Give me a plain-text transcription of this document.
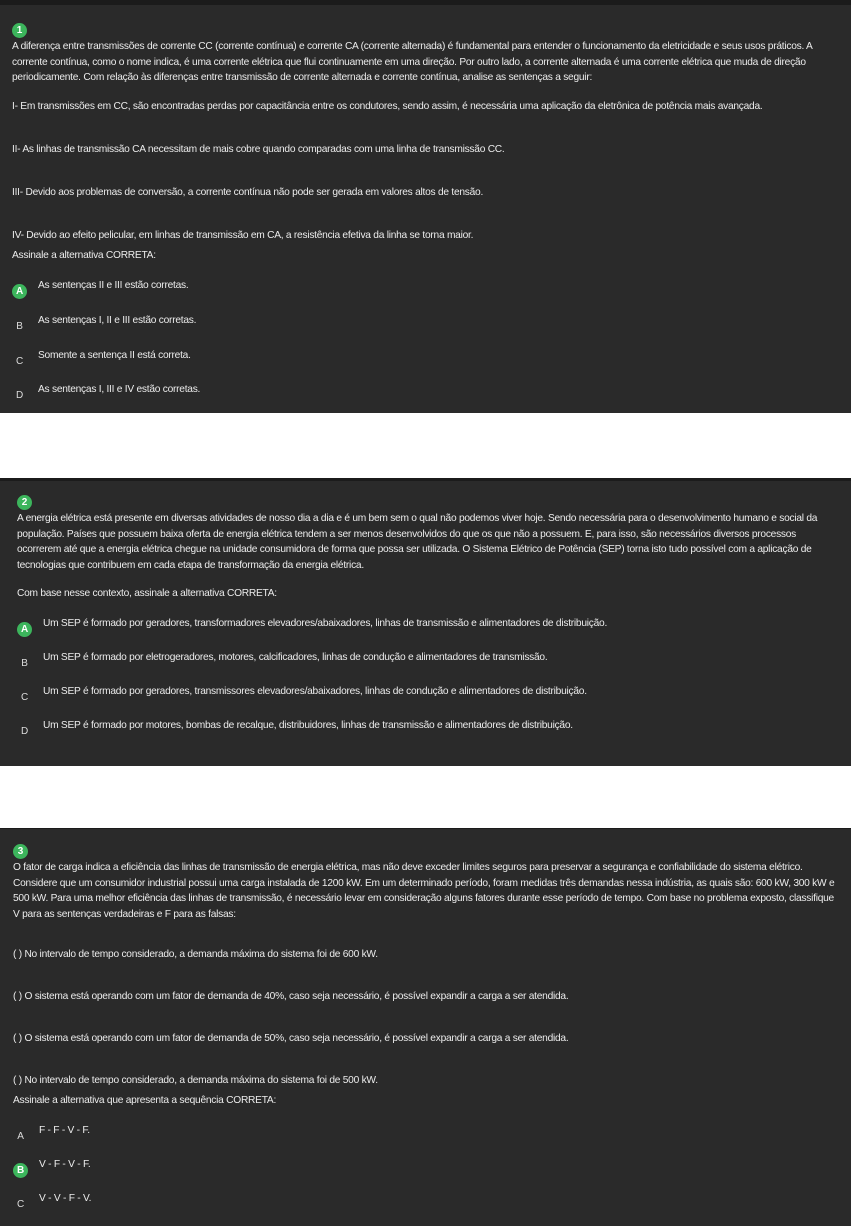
1

A diferença entre transmissões de corrente CC (corrente contínua) e corrente CA (corrente alternada) é fundamental para entender o funcionamento da eletricidade e seus usos práticos. A corrente contínua, como o nome indica, é uma corrente elétrica que flui continuamente em uma direção. Por outro lado, a corrente alternada é uma corrente elétrica que muda de direção periodicamente. Com relação às diferenças entre transmissão de corrente alternada e corrente contínua, analise as sentenças a seguir:

I- Em transmissões em CC, são encontradas perdas por capacitância entre os condutores, sendo assim, é necessária uma aplicação da eletrônica de potência mais avançada.

II- As linhas de transmissão CA necessitam de mais cobre quando comparadas com uma linha de transmissão CC.

III- Devido aos problemas de conversão, a corrente contínua não pode ser gerada em valores altos de tensão.

IV- Devido ao efeito pelicular, em linhas de transmissão em CA, a resistência efetiva da linha se torna maior.

Assinale a alternativa CORRETA:
A
As sentenças II e III estão corretas.
B
As sentenças I, II e III estão corretas.
C
Somente a sentença II está correta.
D
As sentenças I, III e IV estão corretas.
2

A energia elétrica está presente em diversas atividades de nosso dia a dia e é um bem sem o qual não podemos viver hoje. Sendo necessária para o desenvolvimento humano e social da população. Países que possuem baixa oferta de energia elétrica tendem a ser menos desenvolvidos do que os que não a possuem. E, para isso, são necessários diversos processos ocorrerem até que a energia elétrica chegue na unidade consumidora de forma que possa ser utilizada. O Sistema Elétrico de Potência (SEP) torna isto tudo possível com a aplicação de tecnologias que contribuem em cada etapa de transformação da energia elétrica.

Com base nesse contexto, assinale a alternativa CORRETA:
A
Um SEP é formado por geradores, transformadores elevadores/abaixadores, linhas de transmissão e alimentadores de distribuição.
B
Um SEP é formado por eletrogeradores, motores, calcificadores, linhas de condução e alimentadores de transmissão.
C
Um SEP é formado por geradores, transmissores elevadores/abaixadores, linhas de condução e alimentadores de distribuição.
D
Um SEP é formado por motores, bombas de recalque, distribuidores, linhas de transmissão e alimentadores de distribuição.
3

O fator de carga indica a eficiência das linhas de transmissão de energia elétrica, mas não deve exceder limites seguros para preservar a segurança e confiabilidade do sistema elétrico. Considere que um consumidor industrial possui uma carga instalada de 1200 kW. Em um determinado período, foram medidas três demandas nessa indústria, as quais são: 600 kW, 300 kW e 500 kW. Para uma melhor eficiência das linhas de transmissão, é necessário levar em consideração alguns fatores durante esse período de tempo. Com base no problema exposto, classifique V para as sentenças verdadeiras e F para as falsas:

( ) No intervalo de tempo considerado, a demanda máxima do sistema foi de 600 kW.

( ) O sistema está operando com um fator de demanda de 40%, caso seja necessário, é possível expandir a carga a ser atendida.

( ) O sistema está operando com um fator de demanda de 50%, caso seja necessário, é possível expandir a carga a ser atendida.

( ) No intervalo de tempo considerado, a demanda máxima do sistema foi de 500 kW.

Assinale a alternativa que apresenta a sequência CORRETA:
A
F - F - V - F.
B
V - F - V - F.
C
V - V - F - V.
